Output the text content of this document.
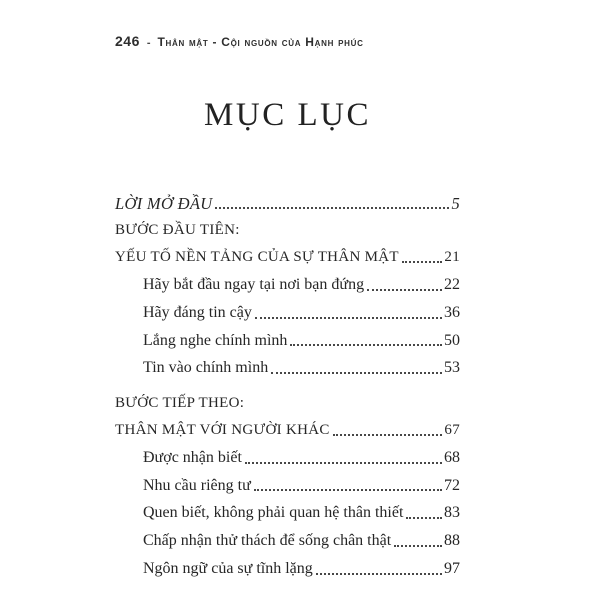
246 - Thân mật - Cội nguồn của Hạnh phúc
MỤC LỤC
LỜI MỞ ĐẦU	5
BƯỚC ĐẦU TIÊN:
YẾU TỐ NỀN TẢNG CỦA SỰ THÂN MẬT	21
Hãy bắt đầu ngay tại nơi bạn đứng	22
Hãy đáng tin cậy	36
Lắng nghe chính mình	50
Tin vào chính mình	53
BƯỚC TIẾP THEO:
THÂN MẬT VỚI NGƯỜI KHÁC	67
Được nhận biết	68
Nhu cầu riêng tư	72
Quen biết, không phải quan hệ thân thiết	83
Chấp nhận thử thách để sống chân thật	88
Ngôn ngữ của sự tĩnh lặng	97
